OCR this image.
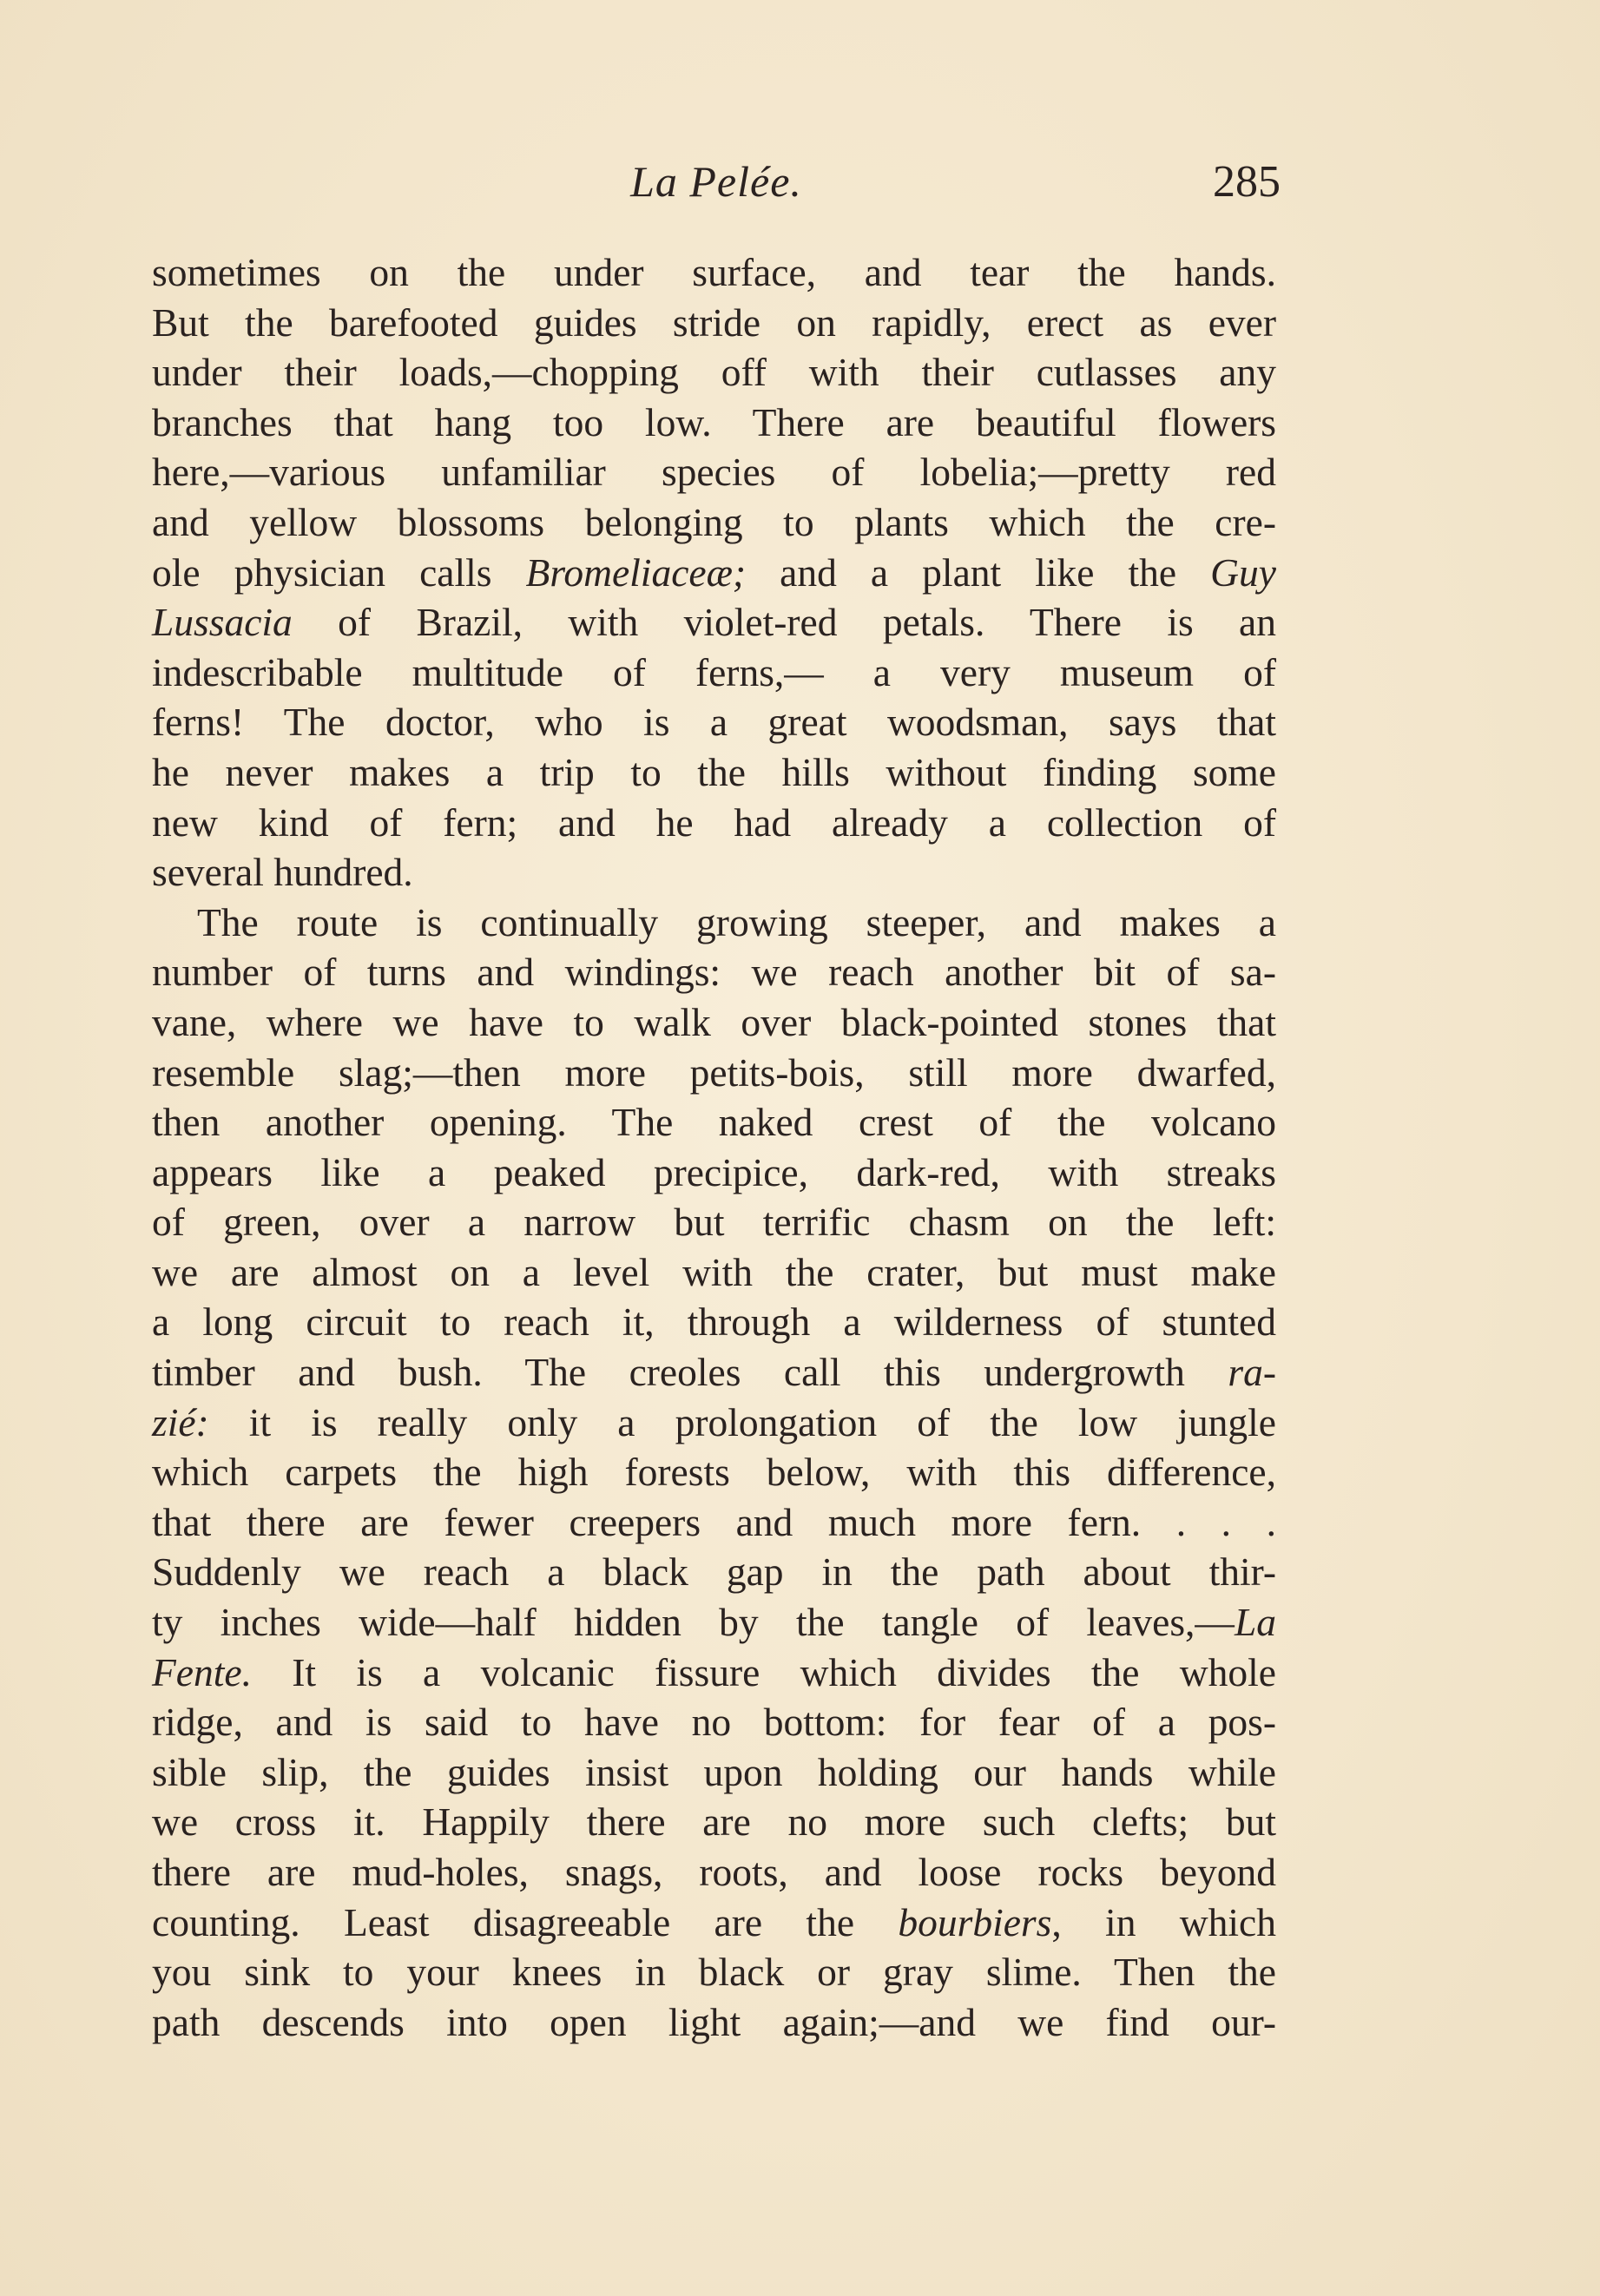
La Pelée.	285
sometimes on the under surface, and tear the hands.
But the barefooted guides stride on rapidly, erect as ever
under their loads,—chopping off with their cutlasses any
branches that hang too low. There are beautiful flowers
here,—various unfamiliar species of lobelia;—pretty red
and yellow blossoms belonging to plants which the cre-
ole physician calls Bromeliaceæ; and a plant like the Guy
Lussacia of Brazil, with violet-red petals. There is an
indescribable multitude of ferns,— a very museum of
ferns! The doctor, who is a great woodsman, says that
he never makes a trip to the hills without finding some
new kind of fern; and he had already a collection of
several hundred.
The route is continually growing steeper, and makes a
number of turns and windings: we reach another bit of sa-
vane, where we have to walk over black-pointed stones that
resemble slag;—then more petits-bois, still more dwarfed,
then another opening. The naked crest of the volcano
appears like a peaked precipice, dark-red, with streaks
of green, over a narrow but terrific chasm on the left:
we are almost on a level with the crater, but must make
a long circuit to reach it, through a wilderness of stunted
timber and bush. The creoles call this undergrowth ra-
zié: it is really only a prolongation of the low jungle
which carpets the high forests below, with this difference,
that there are fewer creepers and much more fern. . . .
Suddenly we reach a black gap in the path about thir-
ty inches wide—half hidden by the tangle of leaves,—La
Fente. It is a volcanic fissure which divides the whole
ridge, and is said to have no bottom: for fear of a pos-
sible slip, the guides insist upon holding our hands while
we cross it. Happily there are no more such clefts; but
there are mud-holes, snags, roots, and loose rocks beyond
counting. Least disagreeable are the bourbiers, in which
you sink to your knees in black or gray slime. Then the
path descends into open light again;—and we find our-
